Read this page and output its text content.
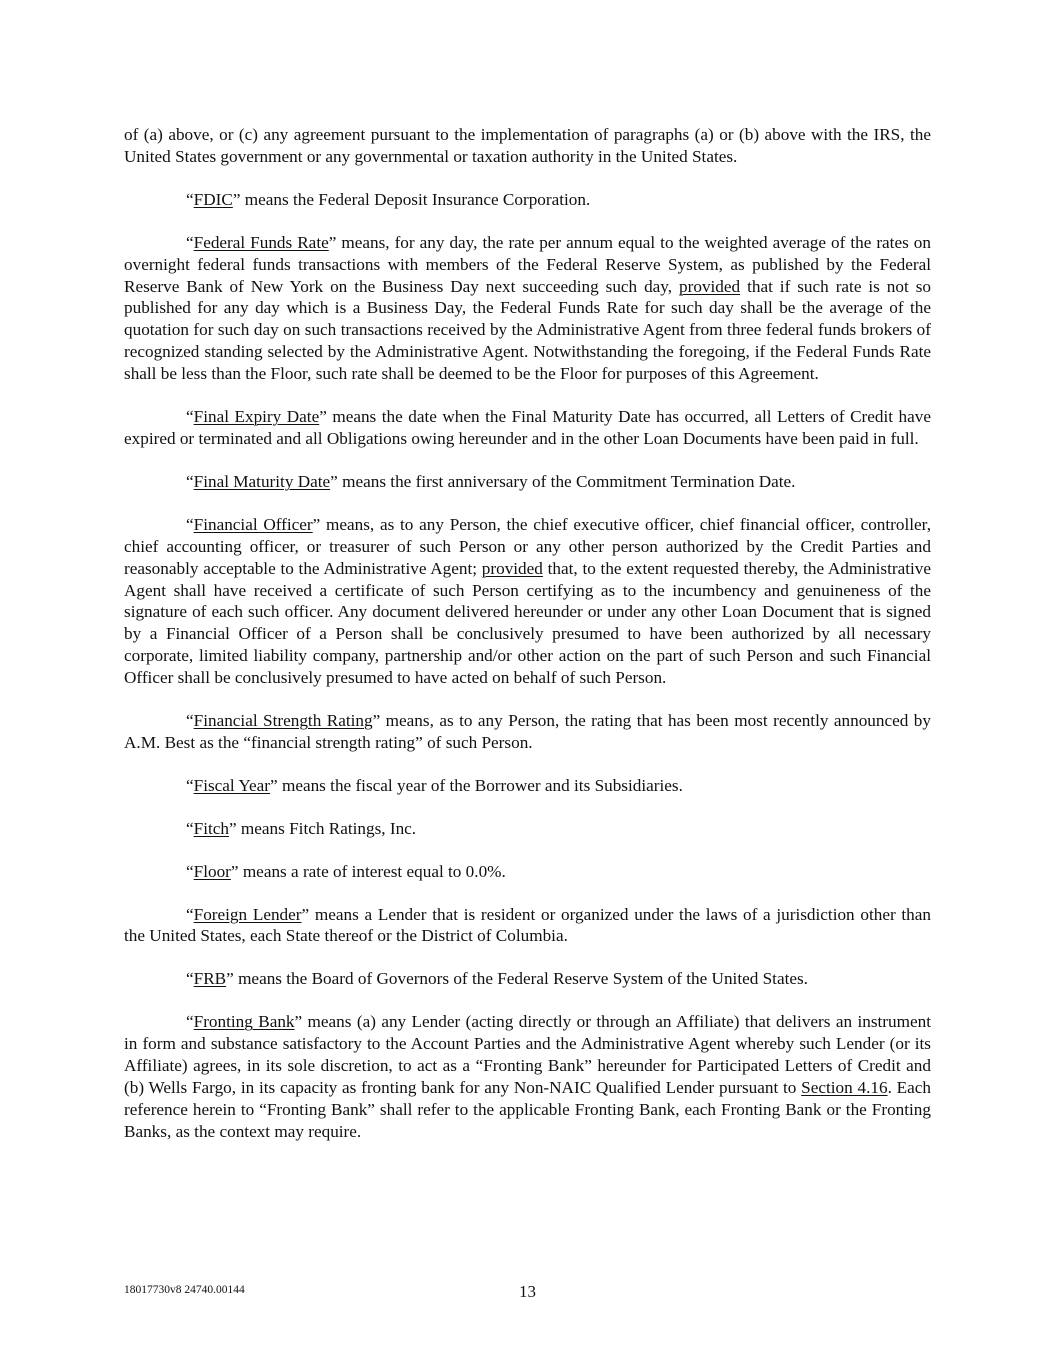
of (a) above, or (c) any agreement pursuant to the implementation of paragraphs (a) or (b) above with the IRS, the United States government or any governmental or taxation authority in the United States.

“FDIC” means the Federal Deposit Insurance Corporation.

“Federal Funds Rate” means, for any day, the rate per annum equal to the weighted average of the rates on overnight federal funds transactions with members of the Federal Reserve System, as published by the Federal Reserve Bank of New York on the Business Day next succeeding such day, provided that if such rate is not so published for any day which is a Business Day, the Federal Funds Rate for such day shall be the average of the quotation for such day on such transactions received by the Administrative Agent from three federal funds brokers of recognized standing selected by the Administrative Agent. Notwithstanding the foregoing, if the Federal Funds Rate shall be less than the Floor, such rate shall be deemed to be the Floor for purposes of this Agreement.

“Final Expiry Date” means the date when the Final Maturity Date has occurred, all Letters of Credit have expired or terminated and all Obligations owing hereunder and in the other Loan Documents have been paid in full.

“Final Maturity Date” means the first anniversary of the Commitment Termination Date.

“Financial Officer” means, as to any Person, the chief executive officer, chief financial officer, controller, chief accounting officer, or treasurer of such Person or any other person authorized by the Credit Parties and reasonably acceptable to the Administrative Agent; provided that, to the extent requested thereby, the Administrative Agent shall have received a certificate of such Person certifying as to the incumbency and genuineness of the signature of each such officer. Any document delivered hereunder or under any other Loan Document that is signed by a Financial Officer of a Person shall be conclusively presumed to have been authorized by all necessary corporate, limited liability company, partnership and/or other action on the part of such Person and such Financial Officer shall be conclusively presumed to have acted on behalf of such Person.

“Financial Strength Rating” means, as to any Person, the rating that has been most recently announced by A.M. Best as the “financial strength rating” of such Person.

“Fiscal Year” means the fiscal year of the Borrower and its Subsidiaries.

“Fitch” means Fitch Ratings, Inc.

“Floor” means a rate of interest equal to 0.0%.

“Foreign Lender” means a Lender that is resident or organized under the laws of a jurisdiction other than the United States, each State thereof or the District of Columbia.

“FRB” means the Board of Governors of the Federal Reserve System of the United States.

“Fronting Bank” means (a) any Lender (acting directly or through an Affiliate) that delivers an instrument in form and substance satisfactory to the Account Parties and the Administrative Agent whereby such Lender (or its Affiliate) agrees, in its sole discretion, to act as a “Fronting Bank” hereunder for Participated Letters of Credit and (b) Wells Fargo, in its capacity as fronting bank for any Non-NAIC Qualified Lender pursuant to Section 4.16. Each reference herein to “Fronting Bank” shall refer to the applicable Fronting Bank, each Fronting Bank or the Fronting Banks, as the context may require.

18017730v8 24740.00144	13
